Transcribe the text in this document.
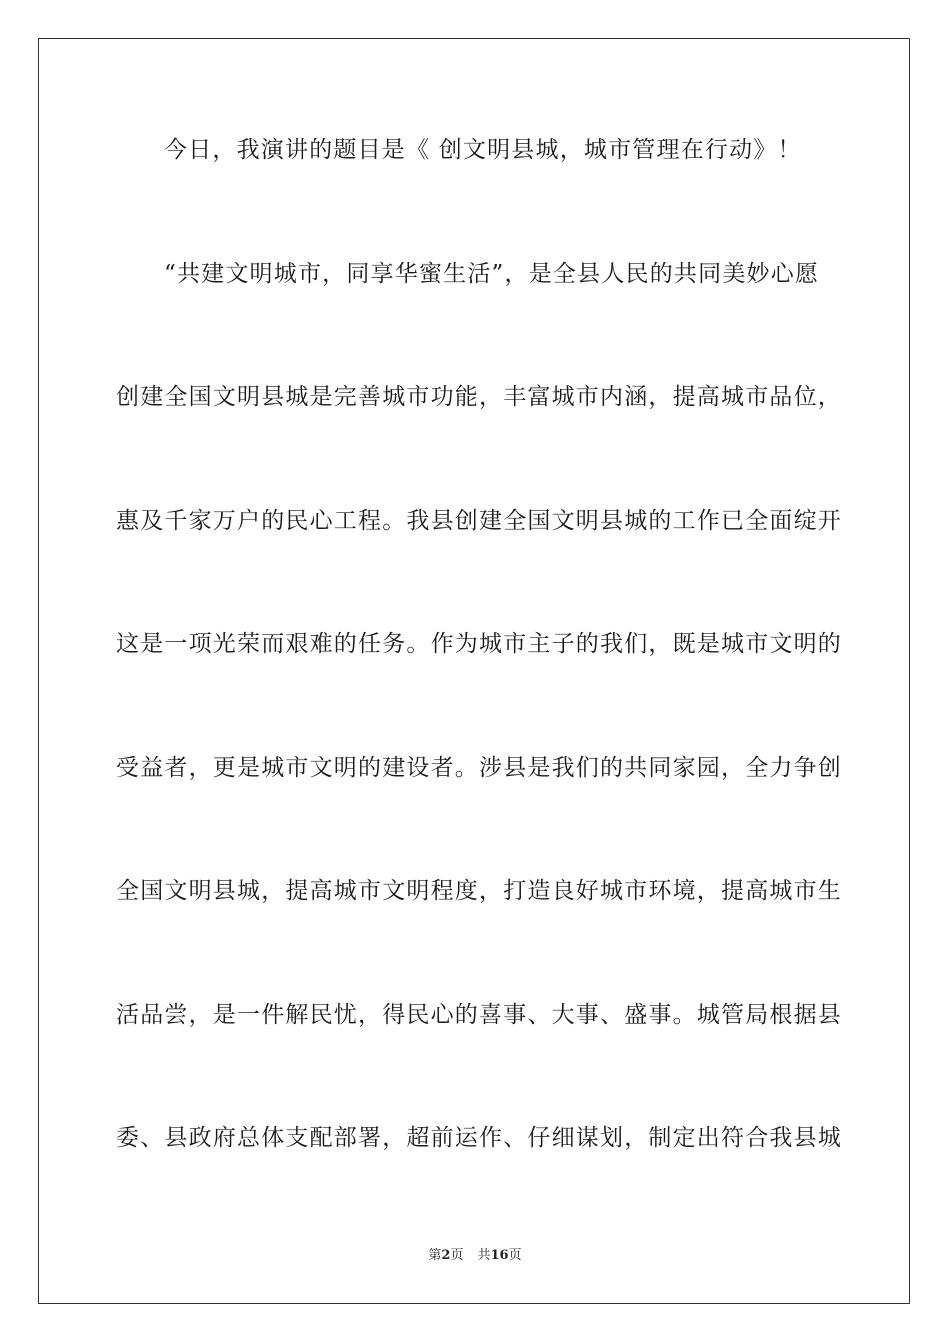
今日，我演讲的题目是《 创文明县城，城市管理在行动》！
“共建文明城市，同享华蜜生活”，是全县人民的共同美妙心愿
创建全国文明县城是完善城市功能，丰富城市内涵，提高城市品位，
惠及千家万户的民心工程。我县创建全国文明县城的工作已全面绽开
这是一项光荣而艰难的任务。作为城市主子的我们，既是城市文明的
受益者，更是城市文明的建设者。涉县是我们的共同家园，全力争创
全国文明县城，提高城市文明程度，打造良好城市环境，提高城市生
活品尝，是一件解民忧，得民心的喜事、大事、盛事。城管局根据县
委、县政府总体支配部署，超前运作、仔细谋划，制定出符合我县城
第2页 共16页
